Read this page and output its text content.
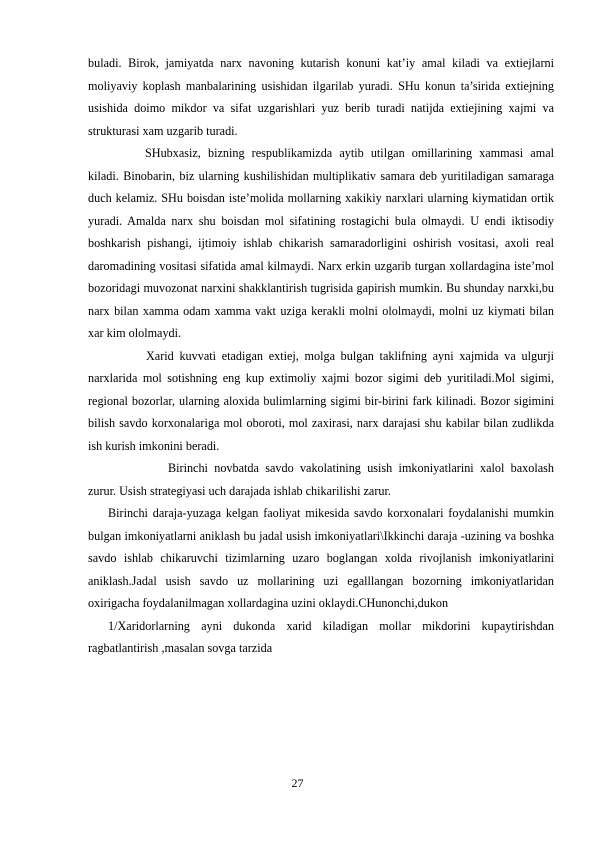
buladi. Birok, jamiyatda narx navoning kutarish konuni kat’iy amal kiladi va extiejlarni moliyaviy koplash manbalarining usishidan ilgarilab yuradi. SHu konun ta’sirida extiejning usishida doimo mikdor va sifat uzgarishlari yuz berib turadi natijda extiejining xajmi va strukturasi xam uzgarib turadi.

SHubxasiz, bizning respublikamizda aytib utilgan omillarining xammasi amal kiladi. Binobarin, biz ularning kushilishidan multiplikativ samara deb yuritiladigan samaraga duch kelamiz. SHu boisdan iste’molida mollarning xakikiy narxlari ularning kiymatidan ortik yuradi. Amalda narx shu boisdan mol sifatining rostagichi bula olmaydi. U endi iktisodiy boshkarish pishangi, ijtimoiy ishlab chikarish samaradorligini oshirish vositasi, axoli real daromadining vositasi sifatida amal kilmaydi. Narx erkin uzgarib turgan xollardagina iste’mol bozoridagi muvozonat narxini shakklantirish tugrisida gapirish mumkin. Bu shunday narxki,bu narx bilan xamma odam xamma vakt uziga kerakli molni ololmaydi, molni uz kiymati bilan xar kim ololmaydi.

Xarid kuvvati etadigan extiej, molga bulgan taklifning ayni xajmida va ulgurji narxlarida mol sotishning eng kup extimoliy xajmi bozor sigimi deb yuritiladi.Mol sigimi, regional bozorlar, ularning aloxida bulimlarning sigimi bir-birini fark kilinadi. Bozor sigimini bilish savdo korxonalariga mol oboroti, mol zaxirasi, narx darajasi shu kabilar bilan zudlikda ish kurish imkonini beradi.

Birinchi novbatda savdo vakolatining usish imkoniyatlarini xalol baxolash zurur. Usish strategiyasi uch darajada ishlab chikarilishi zarur.

Birinchi daraja-yuzaga kelgan faoliyat mikesida savdo korxonalari foydalanishi mumkin bulgan imkoniyatlarni aniklash bu jadal usish imkoniyatlari\Ikkinchi daraja -uzining va boshka savdo ishlab chikaruvchi tizimlarning uzaro boglangan xolda rivojlanish imkoniyatlarini aniklash.Jadal usish savdo uz mollarining uzi egalllangan bozorning imkoniyatlaridan oxirigacha foydalanilmagan xollardagina uzini oklaydi.CHunonchi,dukon

1/Xaridorlarning ayni dukonda xarid kiladigan mollar mikdorini kupaytirishdan ragbatlantirish ,masalan sovga tarzida

27
